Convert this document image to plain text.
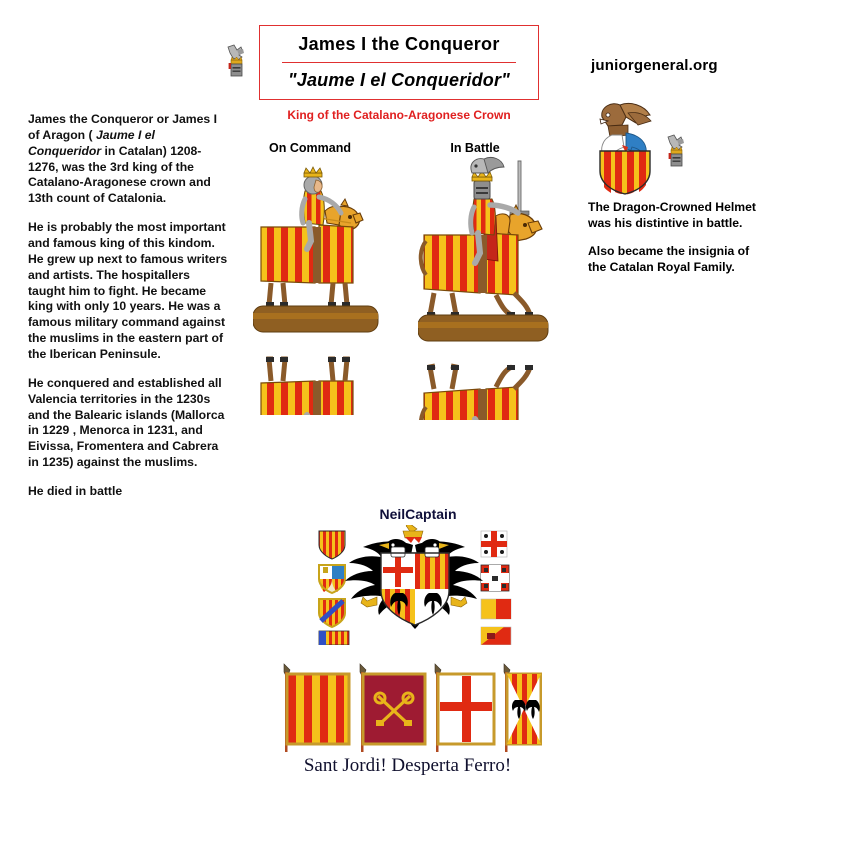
James I the Conqueror
"Jaume I el Conqueridor"
King of the Catalano-Aragonese Crown

James the Conqueror or James I of Aragon ( Jaume I el Conqueridor in Catalan) 1208-1276, was the 3rd king of the Catalano-Aragonese crown and 13th count of Catalonia.

He is probably the most important and famous king of this kindom. He grew up next to famous writers and artists. The hospitallers taught him to fight. He became king with only 10 years. He was a famous military command against the muslims in the eastern part of the Iberican Peninsule.

He conquered and established all Valencia territories in the 1230s and the Balearic islands (Mallorca in 1229 , Menorca in 1231, and Eivissa, Fromentera and Cabrera in 1235) against the muslims.

He died in battle

juniorgeneral.org

The Dragon-Crowned Helmet was his distintive in battle.

Also became the insignia of the Catalan Royal Family.

On Command	In Battle
NeilCaptain
Sant Jordi! Desperta Ferro!
